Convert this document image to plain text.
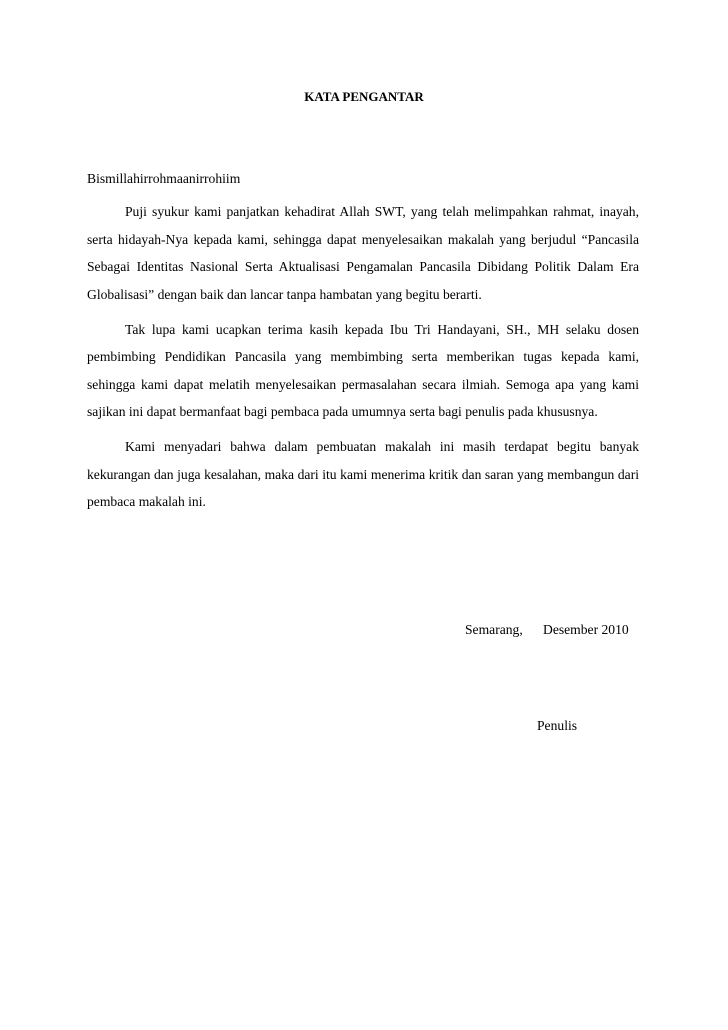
KATA PENGANTAR
Bismillahirrohmaanirrohiim

Puji syukur kami panjatkan kehadirat Allah SWT, yang telah melimpahkan rahmat, inayah, serta hidayah-Nya kepada kami, sehingga dapat menyelesaikan makalah yang berjudul “Pancasila Sebagai Identitas Nasional Serta Aktualisasi Pengamalan Pancasila Dibidang Politik Dalam Era Globalisasi” dengan baik dan lancar tanpa hambatan yang begitu berarti.

Tak lupa kami ucapkan terima kasih kepada Ibu Tri Handayani, SH., MH selaku dosen pembimbing Pendidikan Pancasila yang membimbing serta memberikan tugas kepada kami, sehingga kami dapat melatih menyelesaikan permasalahan secara ilmiah. Semoga apa yang kami sajikan ini dapat bermanfaat bagi pembaca pada umumnya serta bagi penulis pada khususnya.

Kami menyadari bahwa dalam pembuatan makalah ini masih terdapat begitu banyak kekurangan dan juga kesalahan, maka dari itu kami menerima kritik dan saran yang membangun dari pembaca makalah ini.

Semarang, Desember 2010
Penulis
